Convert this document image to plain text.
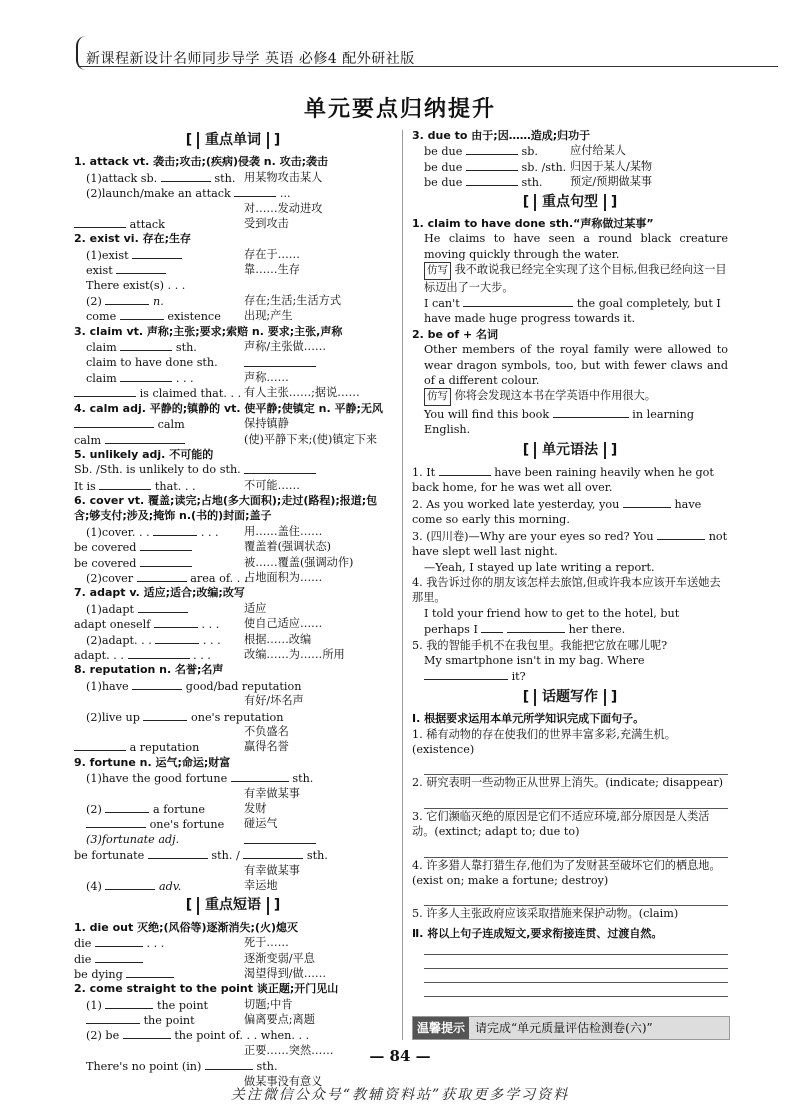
新课程新设计名师同步导学 英语 必修4 配外研社版
单元要点归纳提升
[ 重点单词 ]
1. attack vt. 袭击;攻击;(疾病)侵袭 n. 攻击;袭击
(1)attack sb.	sth. 用某物攻击某人
(2)launch/make an attack	...
对……发动进攻
attack	受到攻击
2. exist vi. 存在;生存
(1)exist	存在于……
exist	靠……生存
There exist(s) . . .
(2)	n.	存在;生活;生活方式
come	existence 出现;产生
3. claim vt. 声称;主张;要求;索赔 n. 要求;主张,声称
claim	sth.	声称/主张做……
claim to have done sth.
claim	. . .	声称……
is claimed that. . . 有人主张……;据说……
4. calm adj. 平静的;镇静的 vt. 使平静;使镇定 n. 平静;无风
calm	保持镇静
calm	(使)平静下来;(使)镇定下来
5. unlikely adj. 不可能的
Sb. /Sth. is unlikely to do sth.
It is	that. . .	不可能……
6. cover vt. 覆盖;读完;占地(多大面积);走过(路程);报道;包含;够支付;涉及;掩饰 n.(书的)封面;盖子
(1)cover. . .	. . . 用……盖住……
be covered	覆盖着(强调状态)
be covered	被……覆盖(强调动作)
(2)cover	area of. . .
占地面积为……
7. adapt v. 适应;适合;改编;改写
(1)adapt	适应
adapt oneself	. . . 使自己适应……
(2)adapt. . .	. . . 根据……改编
adapt. . .	. . .	改编……为……所用
8. reputation n. 名誉;名声
(1)have	good/bad reputation
有好/坏名声
(2)live up	one's reputation
不负盛名
a reputation	赢得名誉
9. fortune n. 运气;命运;财富
(1)have the good fortune	sth.
有幸做某事
(2)	a fortune	发财
one's fortune 碰运气
(3)fortunate adj.
be fortunate	sth. /	sth.
有幸做某事
(4)	adv.	幸运地
[ 重点短语 ]
1. die out 灭绝;(风俗等)逐渐消失;(火)熄灭
die	. . .	死于……
die	逐渐变弱/平息
be dying	渴望得到/做……
2. come straight to the point 谈正题;开门见山
(1)	the point	切题;中肯
the point	偏离要点;离题
(2) be	the point of. . . when. . .
正要……突然……
There's no point (in)	sth.
做某事没有意义
3. due to 由于;因……造成;归功于
be due	sb.	应付给某人
be due	sb. /sth. 归因于某人/某物
be due	sth. 预定/预期做某事
[ 重点句型 ]
1. claim to have done sth.“声称做过某事”

He claims to have seen a round black creature moving quickly through the water.

仿写 我不敢说我已经完全实现了这个目标,但我已经向这一目标迈出了一大步。

I can't	the goal completely, but I have made huge progress towards it.

2. be of + 名词

Other members of the royal family were allowed to wear dragon symbols, too, but with fewer claws and of a different colour.

仿写 你将会发现这本书在学英语中作用很大。

You will find this book	in learning English.

[ 单元语法 ]

1. It	have been raining heavily when he got back home, for he was wet all over.

2. As you worked late yesterday, you	have come so early this morning.

3. (四川卷)—Why are your eyes so red? You	not have slept well last night.

—Yeah, I stayed up late writing a report.

4. 我告诉过你的朋友该怎样去旅馆,但或许我本应该开车送她去那里。

I told your friend how to get to the hotel, but perhaps I	her there.

5. 我的智能手机不在我包里。我能把它放在哪儿呢?

My smartphone isn't in my bag. Where  it?

[ 话题写作 ]
Ⅰ. 根据要求运用本单元所学知识完成下面句子。

1. 稀有动物的存在使我们的世界丰富多彩,充满生机。(existence)

2. 研究表明一些动物正从世界上消失。(indicate; disappear)

3. 它们濒临灭绝的原因是它们不适应环境,部分原因是人类活动。(extinct; adapt to; due to)

4. 许多猎人靠打猎生存,他们为了发财甚至破坏它们的栖息地。(exist on; make a fortune; destroy)

5. 许多人主张政府应该采取措施来保护动物。(claim)

Ⅱ. 将以上句子连成短文,要求衔接连贯、过渡自然。
温馨提示 请完成“单元质量评估检测卷(六)”
— 84 —
关注微信公众号“教辅资料站”获取更多学习资料
